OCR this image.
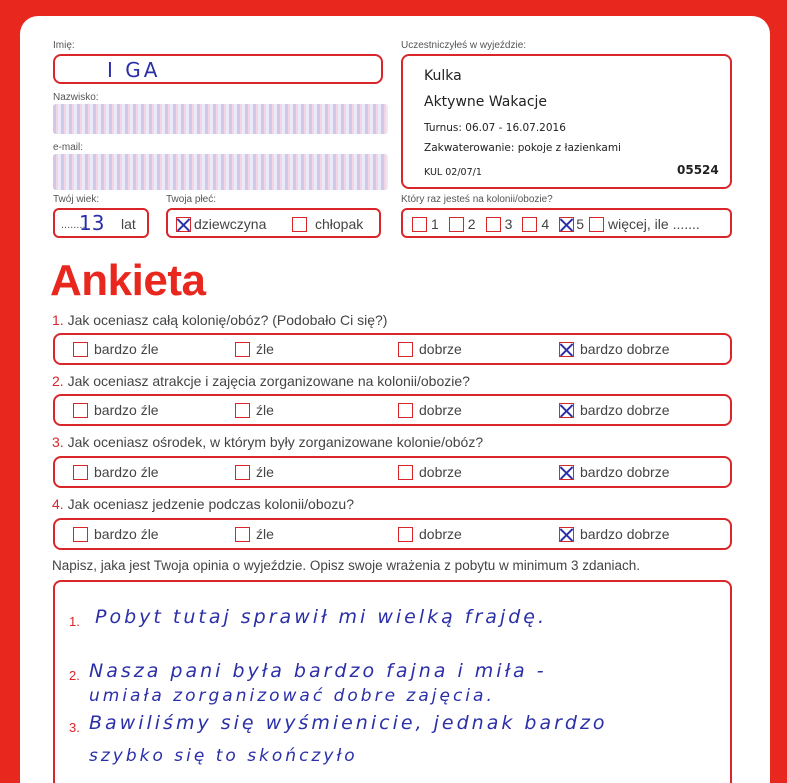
Imię:
I GA
Nazwisko:
e-mail:
Twój wiek:
........
13 lat
Twoja płeć:
dziewczyna	chłopak
Uczestniczyłeś w wyjeździe:
Kulka
Aktywne Wakacje
Turnus: 06.07 - 16.07.2016
Zakwaterowanie: pokoje z łazienkami
KUL 02/07/1	05524
Który raz jesteś na kolonii/obozie?
1 2 3 4 5 więcej, ile .......
Ankieta
1. Jak oceniasz całą kolonię/obóz? (Podobało Ci się?)
bardzo źle	źle	dobrze	bardzo dobrze
2. Jak oceniasz atrakcje i zajęcia zorganizowane na kolonii/obozie?
bardzo źle	źle	dobrze	bardzo dobrze
3. Jak oceniasz ośrodek, w którym były zorganizowane kolonie/obóz?
bardzo źle	źle	dobrze	bardzo dobrze
4. Jak oceniasz jedzenie podczas kolonii/obozu?
bardzo źle	źle	dobrze	bardzo dobrze
Napisz, jaka jest Twoja opinia o wyjeździe. Opisz swoje wrażenia z pobytu w minimum 3 zdaniach.
1.
2.
3.
Pobyt tutaj sprawił mi wielką frajdę.
Nasza pani była bardzo fajna i miła -
umiała zorganizować dobre zajęcia.
Bawiliśmy się wyśmienicie, jednak bardzo
szybko się to skończyło
